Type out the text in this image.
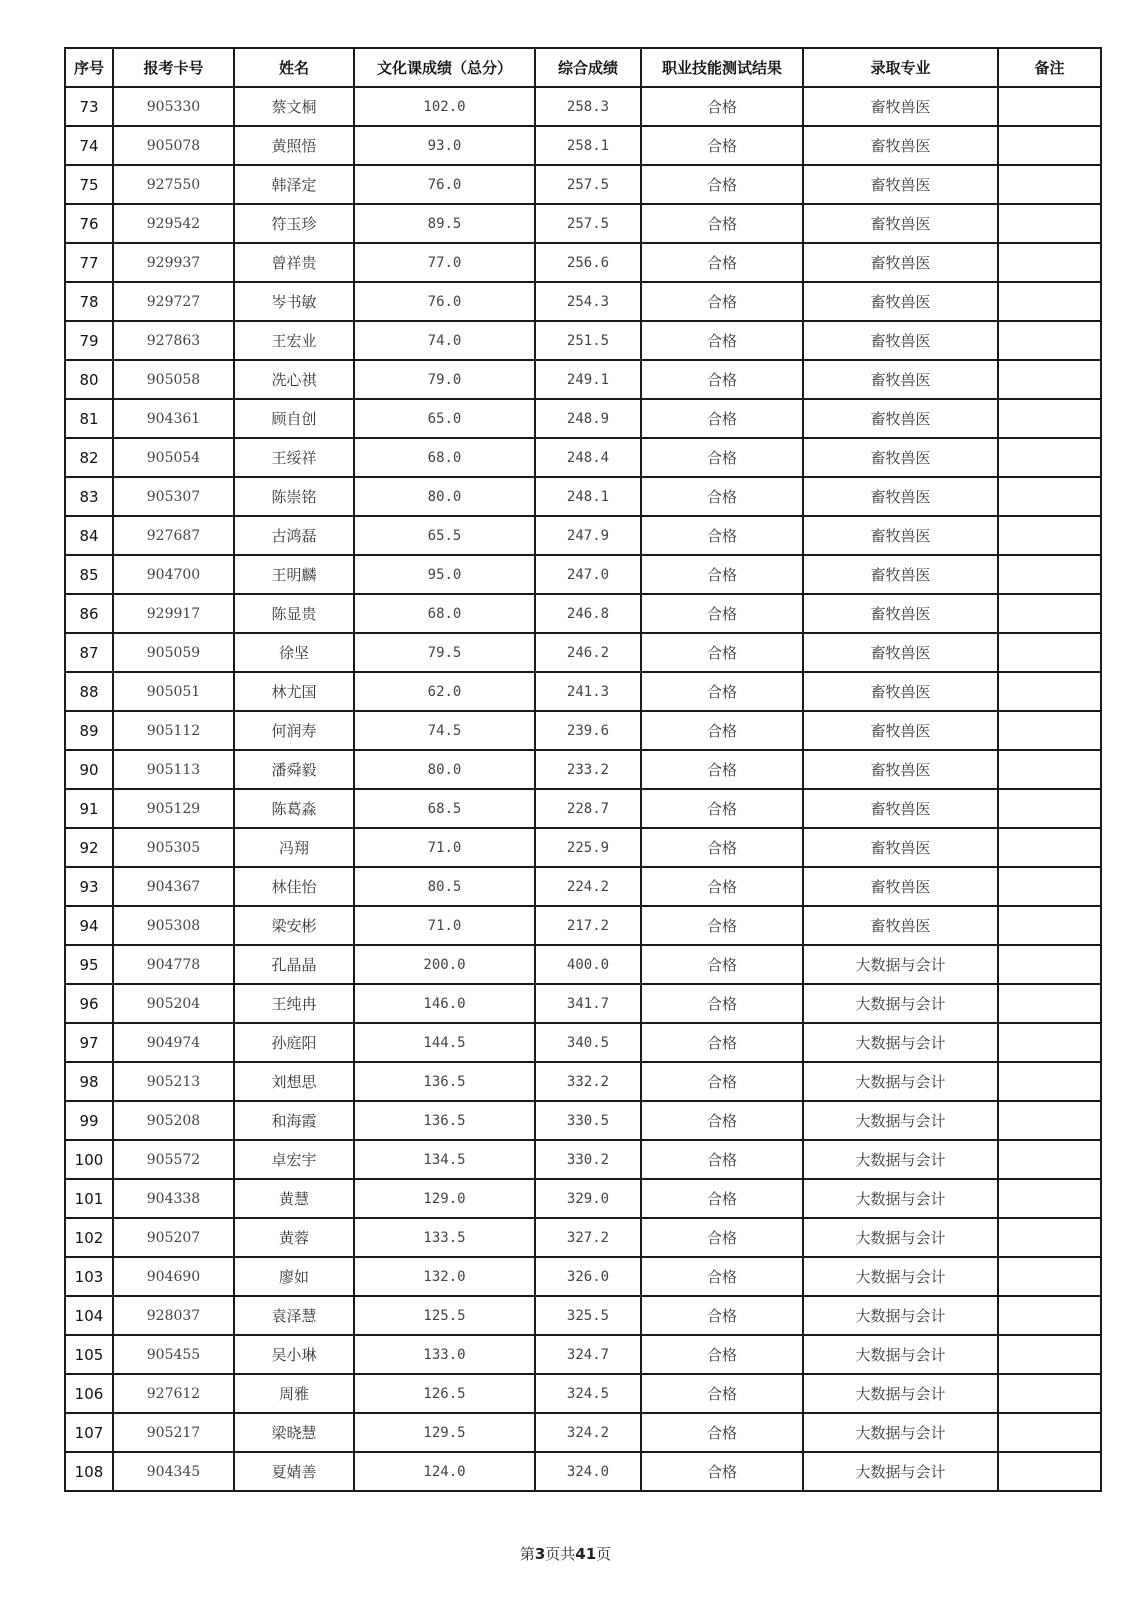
序号	报考卡号	姓名	文化课成绩（总分）	综合成绩	职业技能测试结果	录取专业	备注
73	905330	蔡文桐	102.0	258.3	合格	畜牧兽医	
74	905078	黄照悟	93.0	258.1	合格	畜牧兽医	
75	927550	韩泽定	76.0	257.5	合格	畜牧兽医	
76	929542	符玉珍	89.5	257.5	合格	畜牧兽医	
77	929937	曾祥贵	77.0	256.6	合格	畜牧兽医	
78	929727	岑书敏	76.0	254.3	合格	畜牧兽医	
79	927863	王宏业	74.0	251.5	合格	畜牧兽医	
80	905058	冼心祺	79.0	249.1	合格	畜牧兽医	
81	904361	顾自创	65.0	248.9	合格	畜牧兽医	
82	905054	王绥祥	68.0	248.4	合格	畜牧兽医	
83	905307	陈崇铭	80.0	248.1	合格	畜牧兽医	
84	927687	古鸿磊	65.5	247.9	合格	畜牧兽医	
85	904700	王明麟	95.0	247.0	合格	畜牧兽医	
86	929917	陈显贵	68.0	246.8	合格	畜牧兽医	
87	905059	徐坚	79.5	246.2	合格	畜牧兽医	
88	905051	林尤国	62.0	241.3	合格	畜牧兽医	
89	905112	何润寿	74.5	239.6	合格	畜牧兽医	
90	905113	潘舜毅	80.0	233.2	合格	畜牧兽医	
91	905129	陈葛淼	68.5	228.7	合格	畜牧兽医	
92	905305	冯翔	71.0	225.9	合格	畜牧兽医	
93	904367	林佳怡	80.5	224.2	合格	畜牧兽医	
94	905308	梁安彬	71.0	217.2	合格	畜牧兽医	
95	904778	孔晶晶	200.0	400.0	合格	大数据与会计	
96	905204	王纯冉	146.0	341.7	合格	大数据与会计	
97	904974	孙庭阳	144.5	340.5	合格	大数据与会计	
98	905213	刘想思	136.5	332.2	合格	大数据与会计	
99	905208	和海霞	136.5	330.5	合格	大数据与会计	
100	905572	卓宏宇	134.5	330.2	合格	大数据与会计	
101	904338	黄慧	129.0	329.0	合格	大数据与会计	
102	905207	黄蓉	133.5	327.2	合格	大数据与会计	
103	904690	廖如	132.0	326.0	合格	大数据与会计	
104	928037	袁泽慧	125.5	325.5	合格	大数据与会计	
105	905455	吴小琳	133.0	324.7	合格	大数据与会计	
106	927612	周雅	126.5	324.5	合格	大数据与会计	
107	905217	梁晓慧	129.5	324.2	合格	大数据与会计	
108	904345	夏婧善	124.0	324.0	合格	大数据与会计	
第3页共41页
